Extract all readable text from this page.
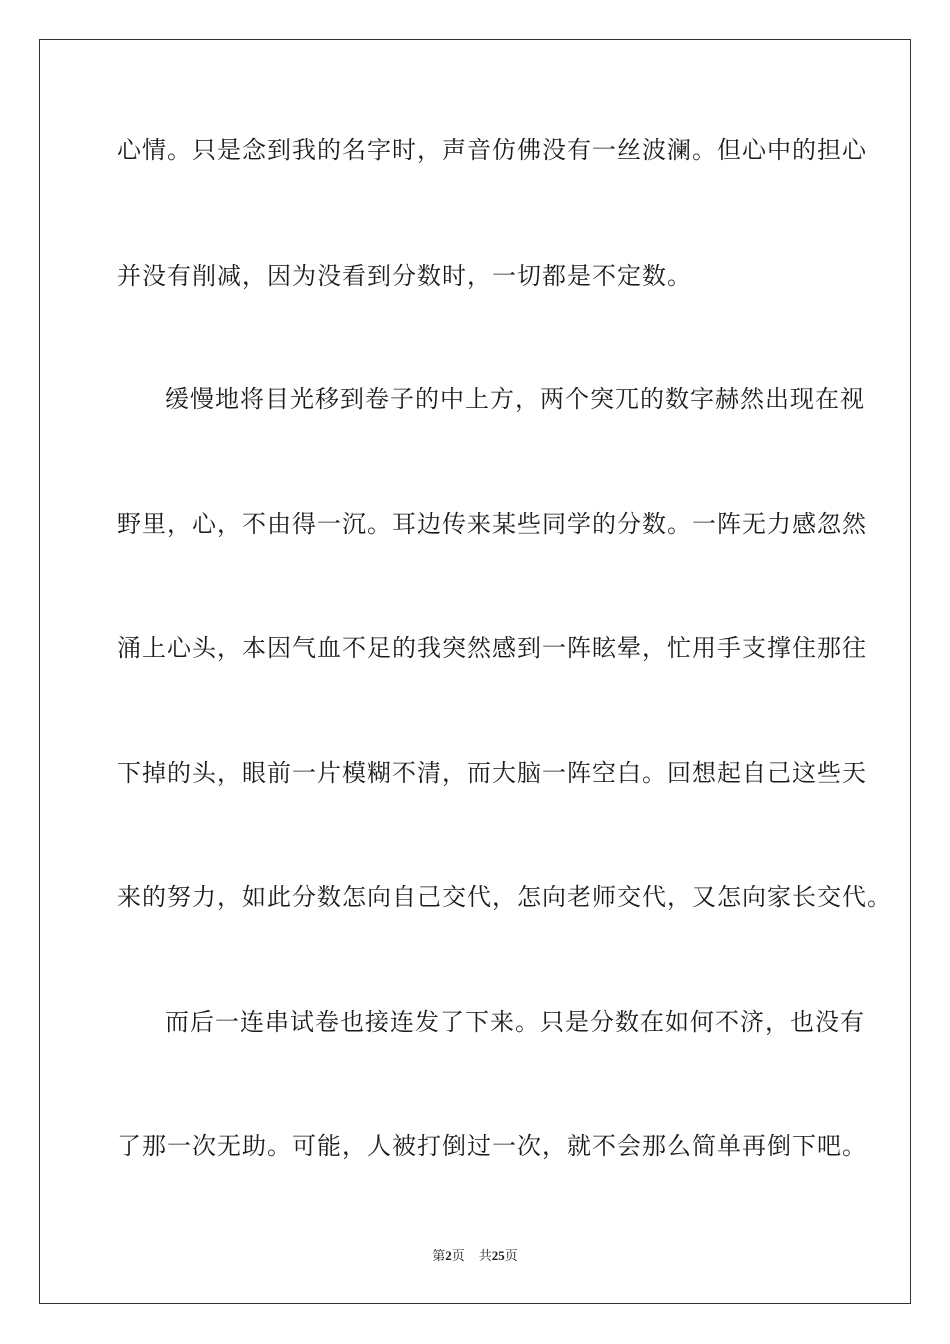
心情。只是念到我的名字时，声音仿佛没有一丝波澜。但心中的担心
并没有削减，因为没看到分数时，一切都是不定数。
缓慢地将目光移到卷子的中上方，两个突兀的数字赫然出现在视
野里，心，不由得一沉。耳边传来某些同学的分数。一阵无力感忽然
涌上心头，本因气血不足的我突然感到一阵眩晕，忙用手支撑住那往
下掉的头，眼前一片模糊不清，而大脑一阵空白。回想起自己这些天
来的努力，如此分数怎向自己交代，怎向老师交代，又怎向家长交代。
而后一连串试卷也接连发了下来。只是分数在如何不济，也没有
了那一次无助。可能，人被打倒过一次，就不会那么简单再倒下吧。
第2页 共25页
